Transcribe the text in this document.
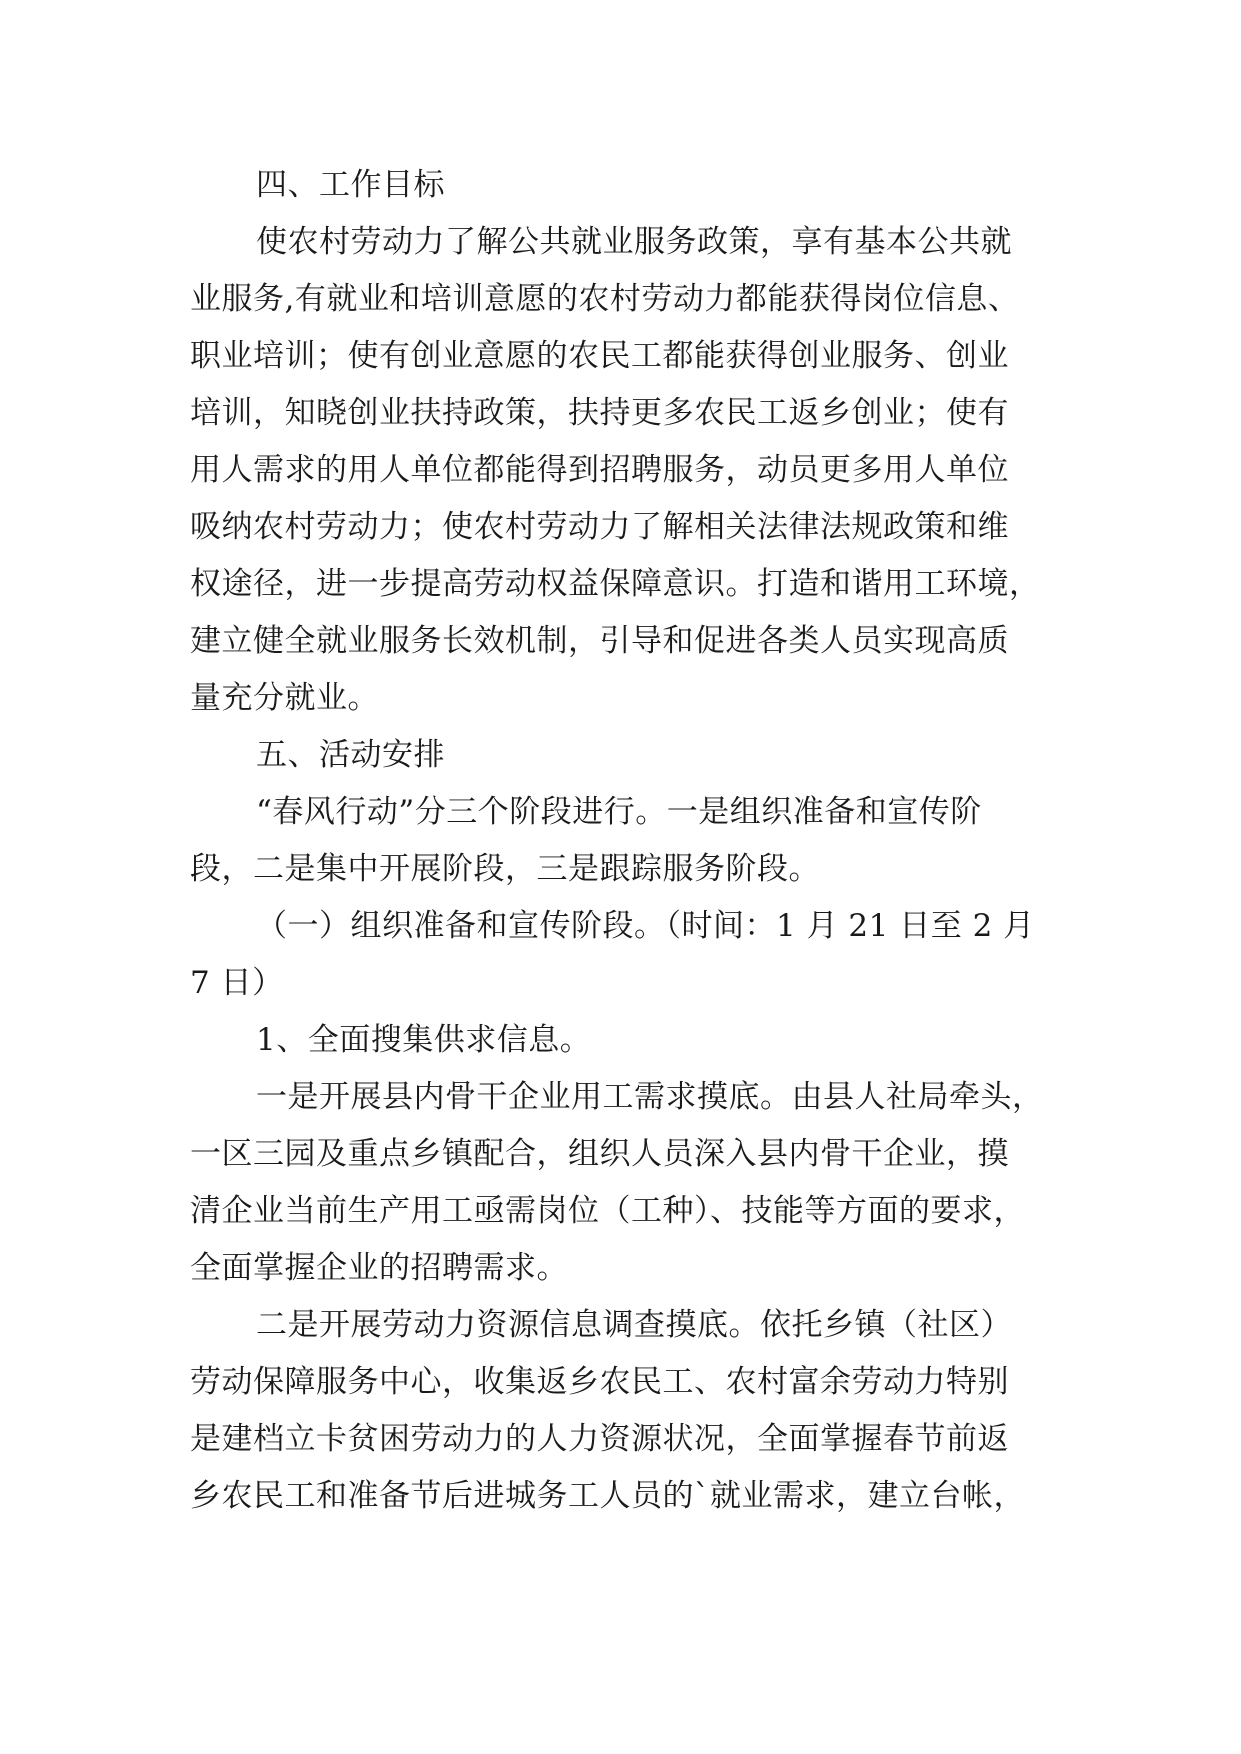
四、工作目标
使农村劳动力了解公共就业服务政策，享有基本公共就
业服务,有就业和培训意愿的农村劳动力都能获得岗位信息、
职业培训；使有创业意愿的农民工都能获得创业服务、创业
培训，知晓创业扶持政策，扶持更多农民工返乡创业；使有
用人需求的用人单位都能得到招聘服务，动员更多用人单位
吸纳农村劳动力；使农村劳动力了解相关法律法规政策和维
权途径，进一步提高劳动权益保障意识。打造和谐用工环境，
建立健全就业服务长效机制，引导和促进各类人员实现高质
量充分就业。
五、活动安排
“春风行动”分三个阶段进行。一是组织准备和宣传阶
段，二是集中开展阶段，三是跟踪服务阶段。
（一）组织准备和宣传阶段。（时间：1 月 21 日至 2 月
7 日）
1、全面搜集供求信息。
一是开展县内骨干企业用工需求摸底。由县人社局牵头，
一区三园及重点乡镇配合，组织人员深入县内骨干企业，摸
清企业当前生产用工亟需岗位（工种）、技能等方面的要求，
全面掌握企业的招聘需求。
二是开展劳动力资源信息调查摸底。依托乡镇（社区）
劳动保障服务中心，收集返乡农民工、农村富余劳动力特别
是建档立卡贫困劳动力的人力资源状况，全面掌握春节前返
乡农民工和准备节后进城务工人员的`就业需求，建立台帐，
